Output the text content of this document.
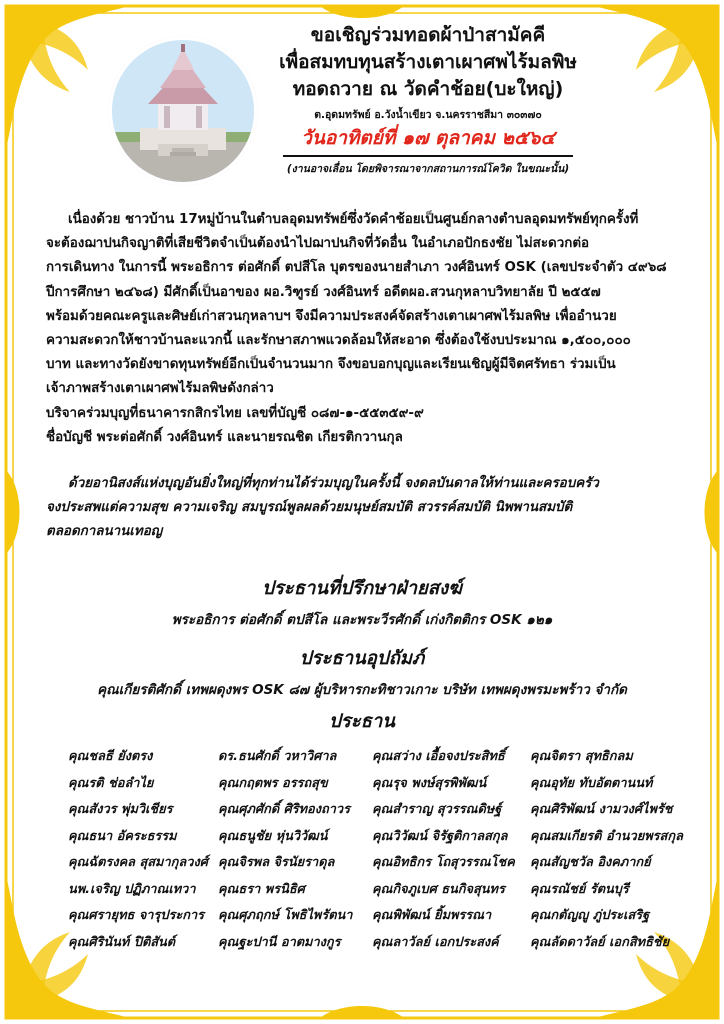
ขอเชิญร่วมทอดผ้าป่าสามัคคี

เพื่อสมทบทุนสร้างเตาเผาศพไร้มลพิษ

ทอดถวาย ณ วัดคำช้อย(บะใหญ่)

ต.อุดมทรัพย์ อ.วังน้ำเขียว จ.นครราชสีมา ๓๐๓๗๐
วันอาทิตย์ที่ ๑๗ ตุลาคม ๒๕๖๔
(งานอาจเลื่อน โดยพิจารณาจากสถานการณ์โควิด ในขณะนั้น)

เนื่องด้วย ชาวบ้าน 17หมู่บ้านในตำบลอุดมทรัพย์ซึ่งวัดคำช้อยเป็นศูนย์กลางตำบลอุดมทรัพย์ทุกครั้งที่

จะต้องฌาปนกิจญาติที่เสียชีวิตจำเป็นต้องนำไปฌาปนกิจที่วัดอื่น ในอำเภอปักธงชัย ไม่สะดวกต่อ

การเดินทาง ในการนี้ พระอธิการ ต่อศักดิ์ ตปสีโล บุตรของนายสำเภา วงศ์อินทร์ OSK (เลขประจำตัว ๔๙๖๘

ปีการศึกษา ๒๔๖๘) มีศักดิ์เป็นอาของ ผอ.วิฑูรย์ วงศ์อินทร์ อดีตผอ.สวนกุหลาบวิทยาลัย ปี ๒๕๕๗

พร้อมด้วยคณะครูและศิษย์เก่าสวนกุหลาบฯ จึงมีความประสงค์จัดสร้างเตาเผาศพไร้มลพิษ เพื่ออำนวย

ความสะดวกให้ชาวบ้านละแวกนี้ และรักษาสภาพแวดล้อมให้สะอาด ซึ่งต้องใช้งบประมาณ ๑,๕๐๐,๐๐๐

บาท และทางวัดยังขาดทุนทรัพย์อีกเป็นจำนวนมาก จึงขอบอกบุญและเรียนเชิญผู้มีจิตศรัทธา ร่วมเป็น

เจ้าภาพสร้างเตาเผาศพไร้มลพิษดังกล่าว

บริจาคร่วมบุญที่ธนาคารกสิกรไทย เลขที่บัญชี ๐๘๗-๑-๕๕๓๕๙-๙

ชื่อบัญชี พระต่อศักดิ์ วงศ์อินทร์ และนายรณชิต เกียรติกวานกุล

ด้วยอานิสงส์แห่งบุญอันยิ่งใหญ่ที่ทุกท่านได้ร่วมบุญในครั้งนี้ จงดลบันดาลให้ท่านและครอบครัว

จงประสพแต่ความสุข ความเจริญ สมบูรณ์พูลผลด้วยมนุษย์สมบัติ สวรรค์สมบัติ นิพพานสมบัติ

ตลอดกาลนานเทอญ

ประธานที่ปรึกษาฝ่ายสงฆ์

พระอธิการ ต่อศักดิ์ ตปสีโล และพระวีรศักดิ์ เก่งกิตติกร OSK ๑๒๑

ประธานอุปถัมภ์

คุณเกียรติศักดิ์ เทพผดุงพร OSK ๘๗ ผู้บริหารกะทิชาวเกาะ บริษัท เทพผดุงพรมะพร้าว จำกัด

ประธาน

คุณชลธี ยังตรง
คุณรติ ช่อลำไย
คุณสังวร พุ่มวิเชียร
คุณธนา อัคระธรรม
คุณฉัตรงคล สุสมากุลวงศ์
นพ.เจริญ ปฏิภาณเทวา
คุณศรายุทธ จารุประการ
คุณศิรินันท์ ปิติสันต์
ดร.ธนศักดิ์ วหาวิศาล
คุณกฤตพร อรรถสุข
คุณศุภศักดิ์ ศิริทองถาวร
คุณธนูชัย หุ่นวิวัฒน์
คุณจิรพล จิรนัยราดุล
คุณธรา พรนิธิศ
คุณศุภฤกษ์ โพธิไพรัตนา
คุณฐะปานี อาตมางกูร
คุณสว่าง เอื้อจงประสิทธิ์
คุณรุจ พงษ์สุรพิพัฒน์
คุณสำราญ สุวรรณดิษฐ์
คุณวิวัฒน์ จิรัฐติกาลสกุล
คุณอิทธิกร โถสุวรรณโชค
คุณกิจภูเบศ ธนกิจสุนทร
คุณพิพัฒน์ ยิ้มพรรณา
คุณลาวัลย์ เอกประสงค์
คุณจิตรา สุทธิกลม
คุณอุทัย ทับอัตตานนท์
คุณศิริพัฒน์ งามวงศ์ไพรัช
คุณสมเกียรติ อำนวยพรสกุล
คุณสัญชวัล อิงคภากย์
คุณรณัชย์ รัตนบุรี
คุณกตัญญู ภู่ประเสริฐ
คุณลัดดาวัลย์ เอกสิทธิชัย
